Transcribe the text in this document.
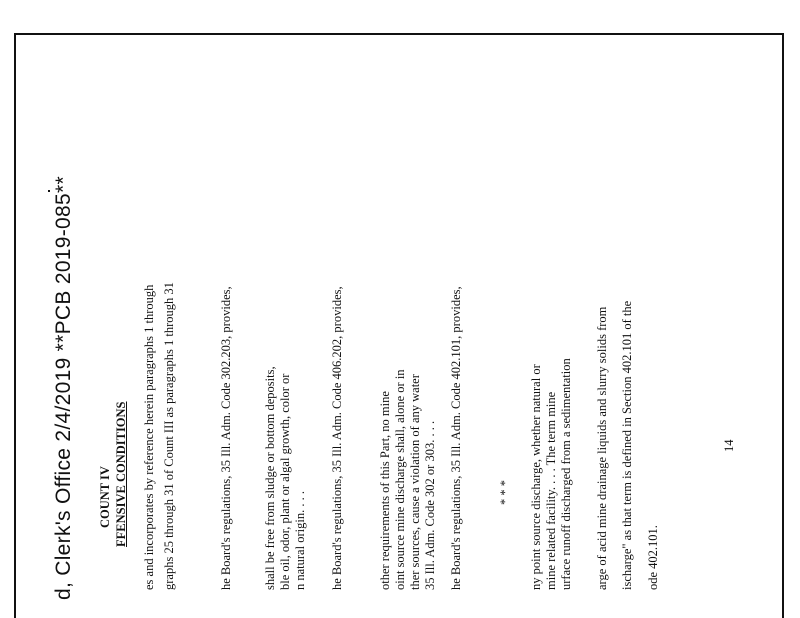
d, Clerk's Office 2/4/2019 **PCB 2019-085** COUNT IV FFENSIVE CONDITIONS es and incorporates by reference herein paragraphs 1 through graphs 25 through 31 of Count III as paragraphs 1 through 31	he Board's regulations, 35 Ill. Adm. Code 302.203, provides, shall be free from sludge or bottom deposits, ble oil, odor, plant or algal growth, color or n natural origin. . . . he Board's regulations, 35 Ill. Adm. Code 406.202, provides,	other requirements of this Part, no mine oint source mine discharge shall, alone or in ther sources, cause a violation of any water 35 Ill. Adm. Code 302 or 303. . . . he Board's regulations, 35 Ill. Adm. Code 402.101, provides,	* * * ny point source discharge, whether natural or mine related facility. . . . The term mine urface runoff discharged from a sedimentation arge of acid mine drainage liquids and slurry solids from ischarge" as that term is defined in Section 402.101 of the ode 402.101.
14
